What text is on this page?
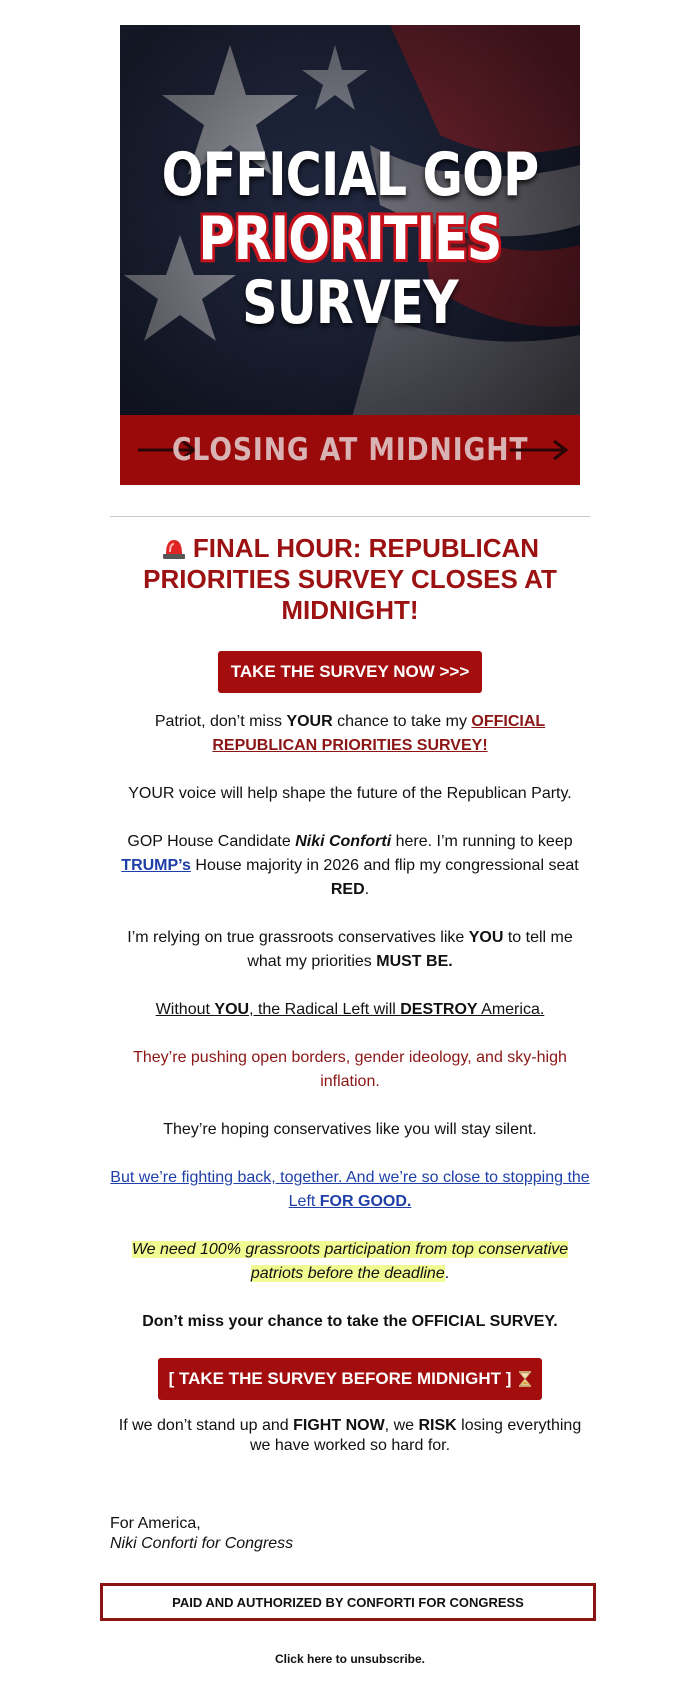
OFFICIAL GOP
PRIORITIES
SURVEY
CLOSING AT MIDNIGHT
FINAL HOUR: REPUBLICAN PRIORITIES SURVEY CLOSES AT MIDNIGHT!
TAKE THE SURVEY NOW >>>
Patriot, don’t miss YOUR chance to take my OFFICIAL REPUBLICAN PRIORITIES SURVEY!
YOUR voice will help shape the future of the Republican Party.
GOP House Candidate Niki Conforti here. I’m running to keep TRUMP’s House majority in 2026 and flip my congressional seat RED.
I’m relying on true grassroots conservatives like YOU to tell me what my priorities MUST BE.
Without YOU, the Radical Left will DESTROY America.
They’re pushing open borders, gender ideology, and sky-high inflation.
They’re hoping conservatives like you will stay silent.
But we’re fighting back, together. And we’re so close to stopping the Left FOR GOOD.
We need 100% grassroots participation from top conservative patriots before the deadline.
Don’t miss your chance to take the OFFICIAL SURVEY.
[ TAKE THE SURVEY BEFORE MIDNIGHT ]
If we don’t stand up and FIGHT NOW, we RISK losing everything we have worked so hard for.
For America,
Niki Conforti for Congress
PAID AND AUTHORIZED BY CONFORTI FOR CONGRESS
Click here to unsubscribe.
